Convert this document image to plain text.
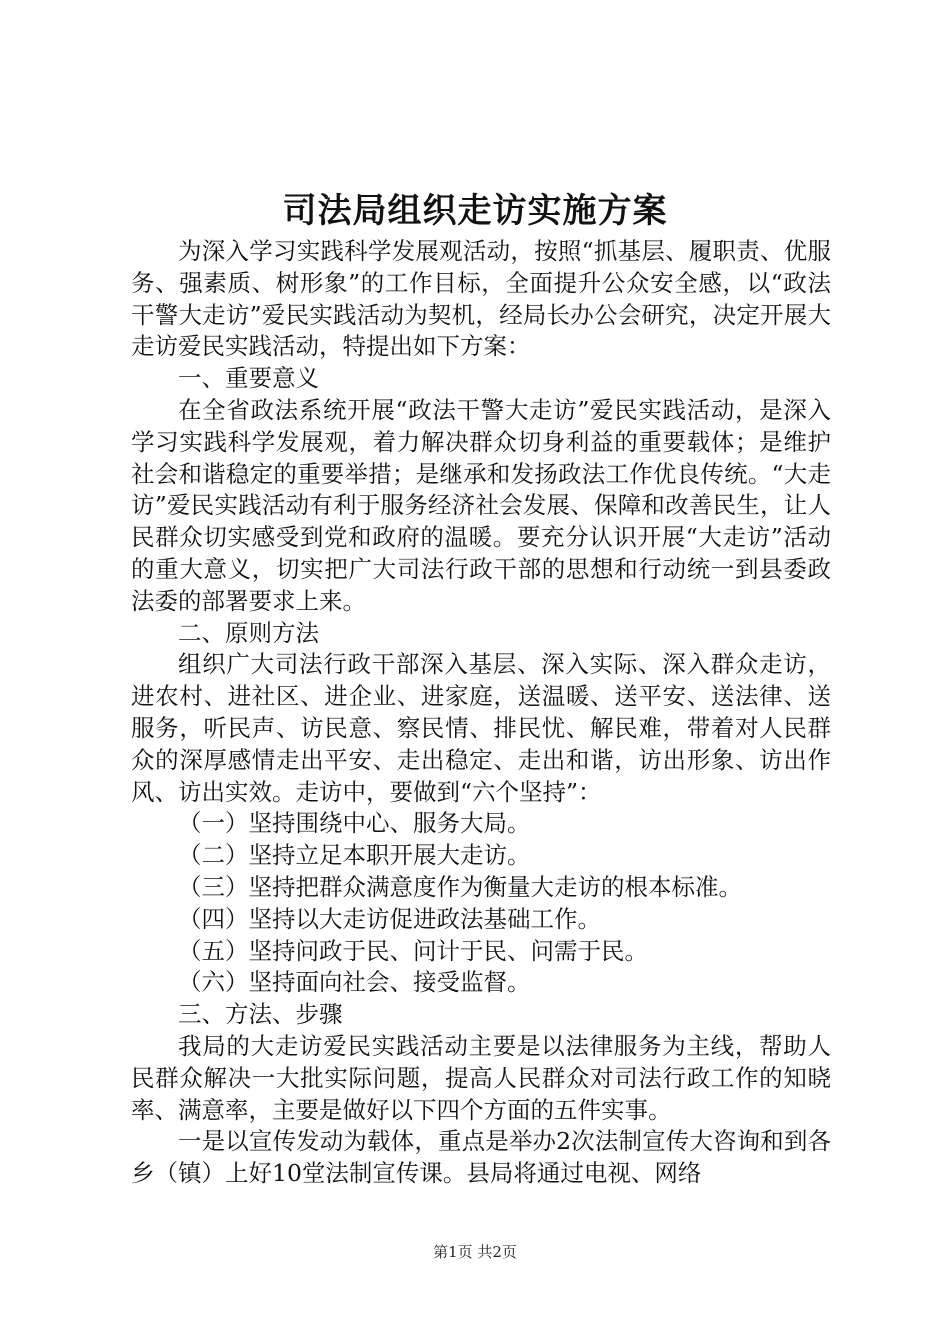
司法局组织走访实施方案

为深入学习实践科学发展观活动，按照“抓基层、履职责、优服务、强素质、树形象”的工作目标，全面提升公众安全感，以“政法干警大走访”爱民实践活动为契机，经局长办公会研究，决定开展大走访爱民实践活动，特提出如下方案：

一、重要意义

在全省政法系统开展“政法干警大走访”爱民实践活动，是深入学习实践科学发展观，着力解决群众切身利益的重要载体；是维护社会和谐稳定的重要举措；是继承和发扬政法工作优良传统。“大走访”爱民实践活动有利于服务经济社会发展、保障和改善民生，让人民群众切实感受到党和政府的温暖。要充分认识开展“大走访”活动的重大意义，切实把广大司法行政干部的思想和行动统一到县委政法委的部署要求上来。

二、原则方法

组织广大司法行政干部深入基层、深入实际、深入群众走访，进农村、进社区、进企业、进家庭，送温暖、送平安、送法律、送服务，听民声、访民意、察民情、排民忧、解民难，带着对人民群众的深厚感情走出平安、走出稳定、走出和谐，访出形象、访出作风、访出实效。走访中，要做到“六个坚持”：

（一）坚持围绕中心、服务大局。

（二）坚持立足本职开展大走访。

（三）坚持把群众满意度作为衡量大走访的根本标准。

（四）坚持以大走访促进政法基础工作。

（五）坚持问政于民、问计于民、问需于民。

（六）坚持面向社会、接受监督。

三、方法、步骤

我局的大走访爱民实践活动主要是以法律服务为主线，帮助人民群众解决一大批实际问题，提高人民群众对司法行政工作的知晓率、满意率，主要是做好以下四个方面的五件实事。

一是以宣传发动为载体，重点是举办2次法制宣传大咨询和到各乡（镇）上好10堂法制宣传课。县局将通过电视、网络

第1页 共2页
